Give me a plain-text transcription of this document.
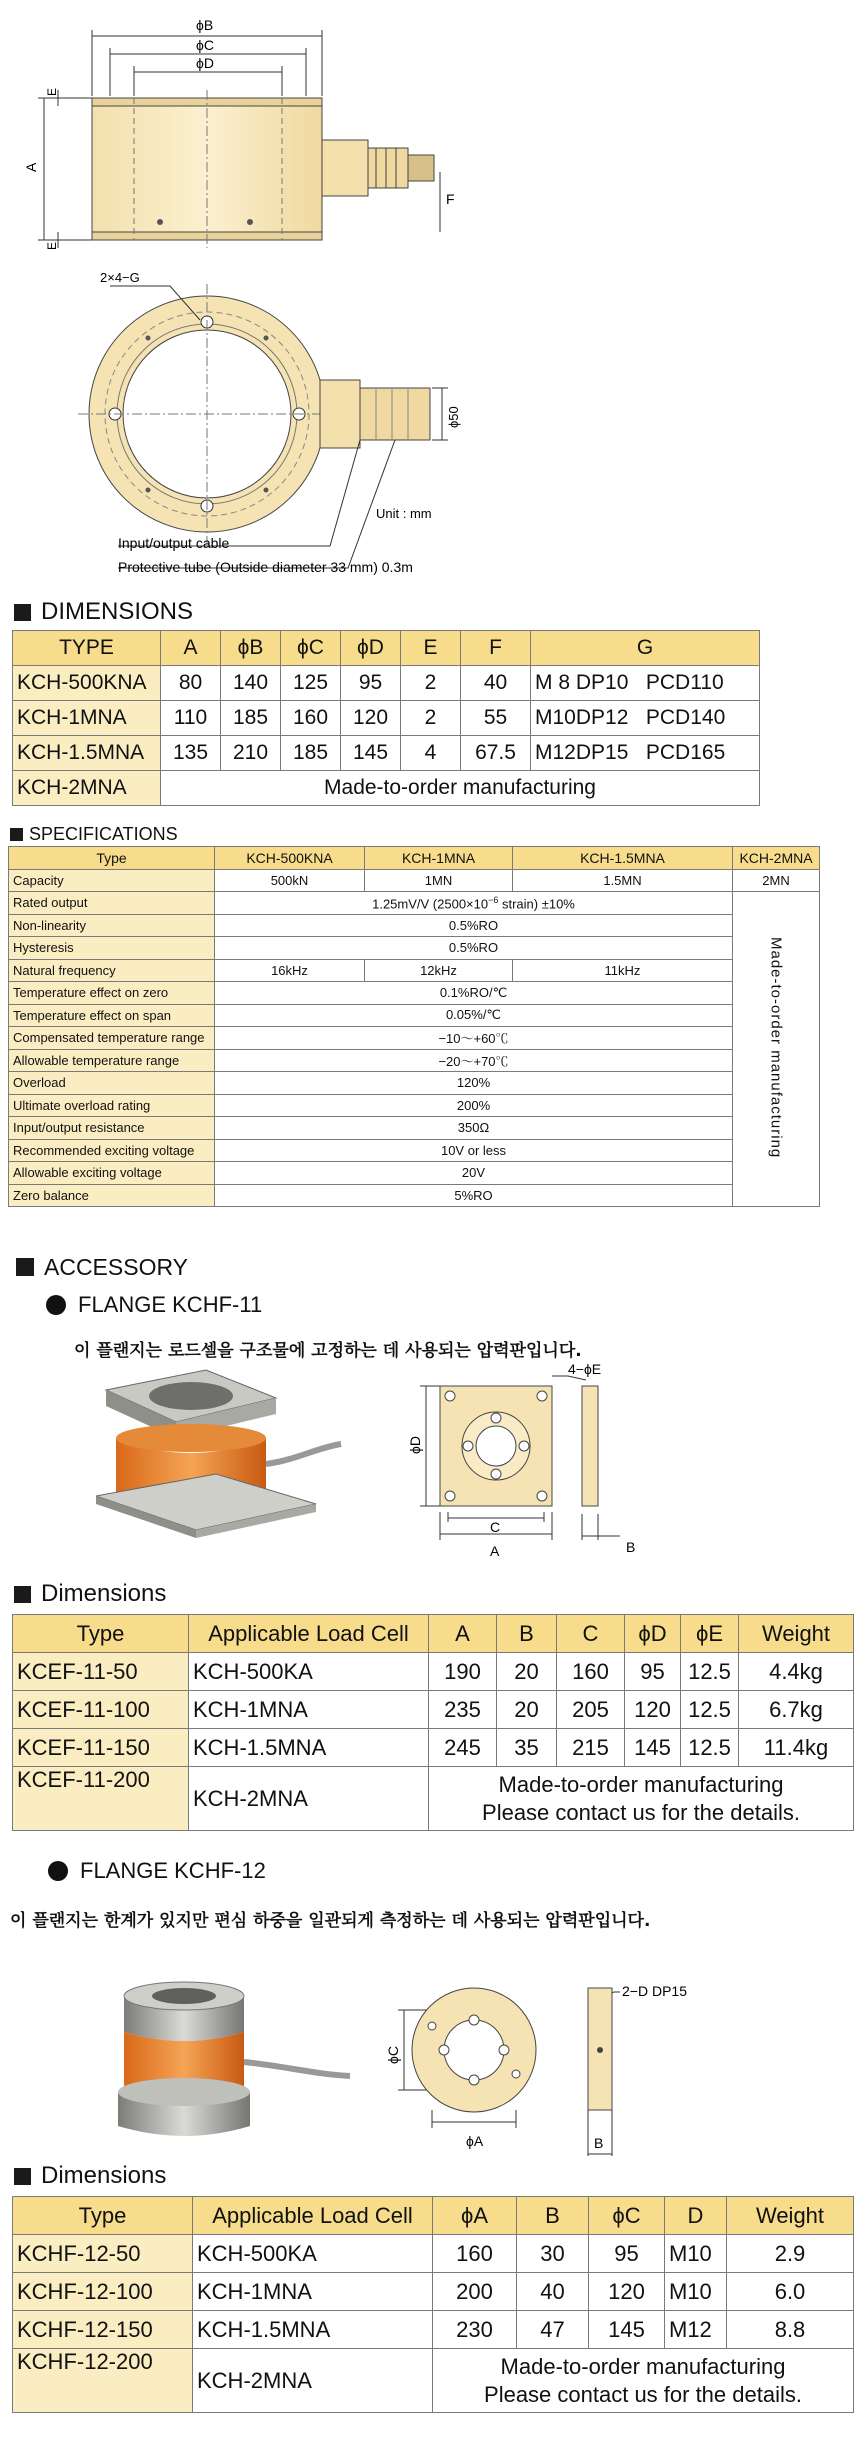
ϕB
ϕC
ϕD
A
E
E
F
2×4−G
ϕ50
Unit : mm
Input/output cable
Protective tube (Outside diameter 33 mm) 0.3m
DIMENSIONS
TYPE	A	ϕB	ϕC	ϕD	E	F	G
KCH-500KNA	80	140	125	95	2	40	M 8 DP10   PCD110
KCH-1MNA	110	185	160	120	2	55	M10DP12   PCD140
KCH-1.5MNA	135	210	185	145	4	67.5	M12DP15   PCD165
KCH-2MNA	Made-to-order manufacturing						
SPECIFICATIONS
Type	KCH-500KNA	KCH-1MNA	KCH-1.5MNA	KCH-2MNA
Capacity	500kN	1MN	1.5MN	2MN
Rated output	1.25mV/V ($2500\times 10^{-6}$ strain) ±10%			Made-to-order manufacturing
Non-linearity	0.5%RO			
Hysteresis	0.5%RO			
Natural frequency	16kHz	12kHz	11kHz	
Temperature effect on zero	0.1%RO/℃			
Temperature effect on span	0.05%/℃			
Compensated temperature range	−10～+60℃			
Allowable temperature range	−20～+70℃			
Overload	120%			
Ultimate overload rating	200%			
Input/output resistance	350Ω			
Recommended exciting voltage	10V or less			
Allowable exciting voltage	20V			
Zero balance	5%RO			
ACCESSORY
FLANGE KCHF-11
이 플랜지는 로드셀을 구조물에 고정하는 데 사용되는 압력판입니다.
4−ϕE
ϕD
C
A	B
Dimensions
Type	Applicable Load Cell	A	B	C	ϕD	ϕE	Weight
KCEF-11-50	KCH-500KA	190	20	160	95	12.5	4.4kg
KCEF-11-100	KCH-1MNA	235	20	205	120	12.5	6.7kg
KCEF-11-150	KCH-1.5MNA	245	35	215	145	12.5	11.4kg
KCEF-11-200	KCH-2MNA	Made-to-order manufacturing
Please contact us for the details.					
FLANGE KCHF-12
이 플랜지는 한계가 있지만 편심 하중을 일관되게 측정하는 데 사용되는 압력판입니다.
2−D DP15
ϕC
ϕA	B
Dimensions
Type	Applicable Load Cell	ϕA	B	ϕC	D	Weight
KCHF-12-50	KCH-500KA	160	30	95	M10	2.9
KCHF-12-100	KCH-1MNA	200	40	120	M10	6.0
KCHF-12-150	KCH-1.5MNA	230	47	145	M12	8.8
KCHF-12-200	KCH-2MNA	Made-to-order manufacturing
Please contact us for the details.				
